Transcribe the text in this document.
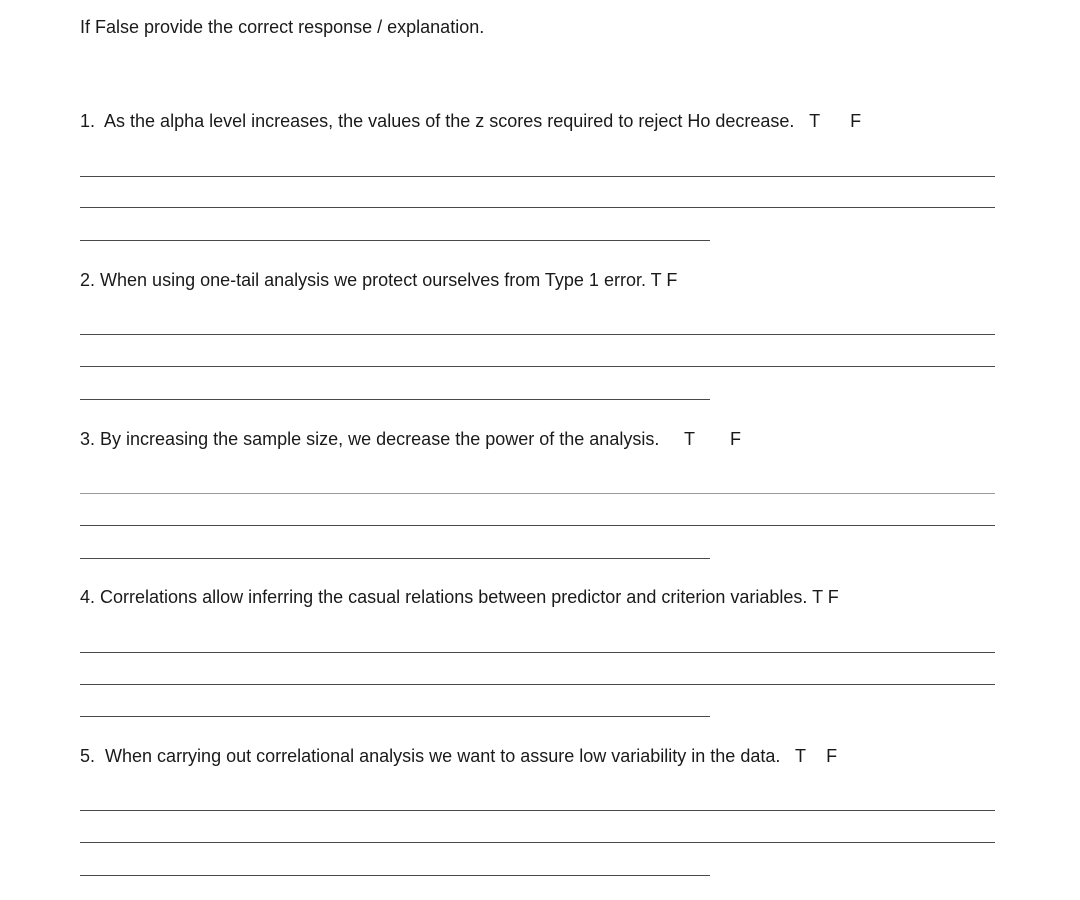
If False provide the correct response / explanation.
1. As the alpha level increases, the values of the z scores required to reject Ho decrease. T F
2. When using one-tail analysis we protect ourselves from Type 1 error. T F
3. By increasing the sample size, we decrease the power of the analysis. T F
4. Correlations allow inferring the casual relations between predictor and criterion variables. T F
5. When carrying out correlational analysis we want to assure low variability in the data. T F
